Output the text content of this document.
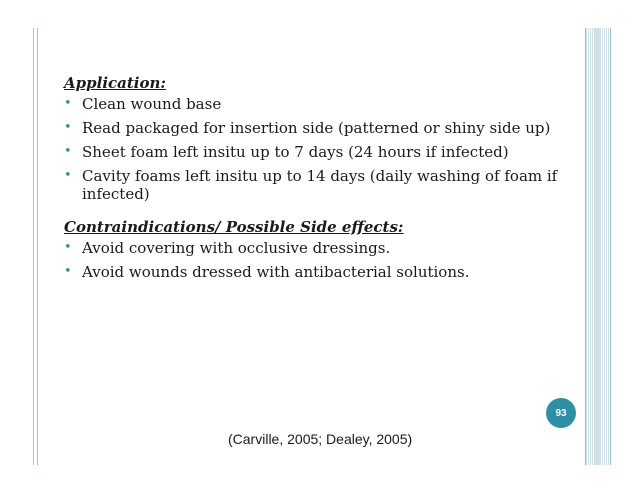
Application:
• Clean wound base
• Read packaged for insertion side (patterned or shiny side up)
• Sheet foam left insitu up to 7 days (24 hours if infected)
• Cavity foams left insitu up to 14 days (daily washing of foam if infected)
Contraindications/ Possible Side effects:
• Avoid covering with occlusive dressings.
• Avoid wounds dressed with antibacterial solutions.
93
(Carville, 2005; Dealey, 2005)
